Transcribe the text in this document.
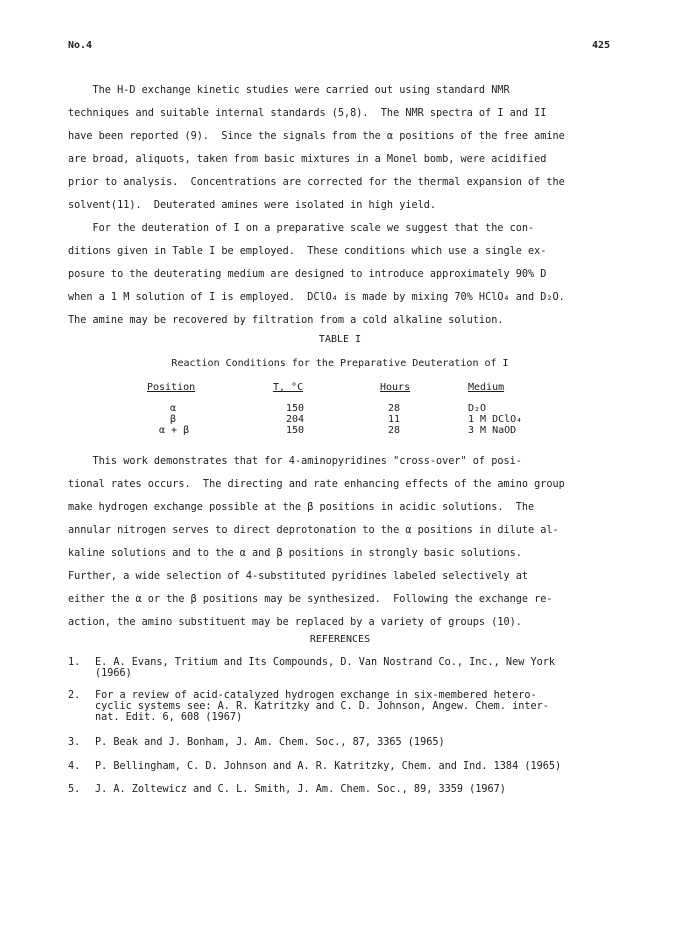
No.4	425
The H-D exchange kinetic studies were carried out using standard NMR
techniques and suitable internal standards (5,8).  The NMR spectra of I and II
have been reported (9).  Since the signals from the α positions of the free amine
are broad, aliquots, taken from basic mixtures in a Monel bomb, were acidified
prior to analysis.  Concentrations are corrected for the thermal expansion of the
solvent(11).  Deuterated amines were isolated in high yield.
For the deuteration of I on a preparative scale we suggest that the con-
ditions given in Table I be employed.  These conditions which use a single ex-
posure to the deuterating medium are designed to introduce approximately 90% D
when a 1 M solution of I is employed.  DClO₄ is made by mixing 70% HClO₄ and D₂O.
The amine may be recovered by filtration from a cold alkaline solution.
TABLE I
Reaction Conditions for the Preparative Deuteration of I
Position	T, °C	Hours	Medium
α	150	28	D₂O
β	204	11	1 M DClO₄
α + β	150	28	3 M NaOD
This work demonstrates that for 4-aminopyridines "cross-over" of posi-
tional rates occurs.  The directing and rate enhancing effects of the amino group
make hydrogen exchange possible at the β positions in acidic solutions.  The
annular nitrogen serves to direct deprotonation to the α positions in dilute al-
kaline solutions and to the α and β positions in strongly basic solutions.
Further, a wide selection of 4-substituted pyridines labeled selectively at
either the α or the β positions may be synthesized.  Following the exchange re-
action, the amino substituent may be replaced by a variety of groups (10).
REFERENCES
1. E. A. Evans, Tritium and Its Compounds, D. Van Nostrand Co., Inc., New York
(1966)
2. For a review of acid-catalyzed hydrogen exchange in six-membered hetero-
cyclic systems see: A. R. Katritzky and C. D. Johnson, Angew. Chem. inter-
nat. Edit. 6, 608 (1967)
3. P. Beak and J. Bonham, J. Am. Chem. Soc., 87, 3365 (1965)
4. P. Bellingham, C. D. Johnson and A. R. Katritzky, Chem. and Ind. 1384 (1965)
5. J. A. Zoltewicz and C. L. Smith, J. Am. Chem. Soc., 89, 3359 (1967)
